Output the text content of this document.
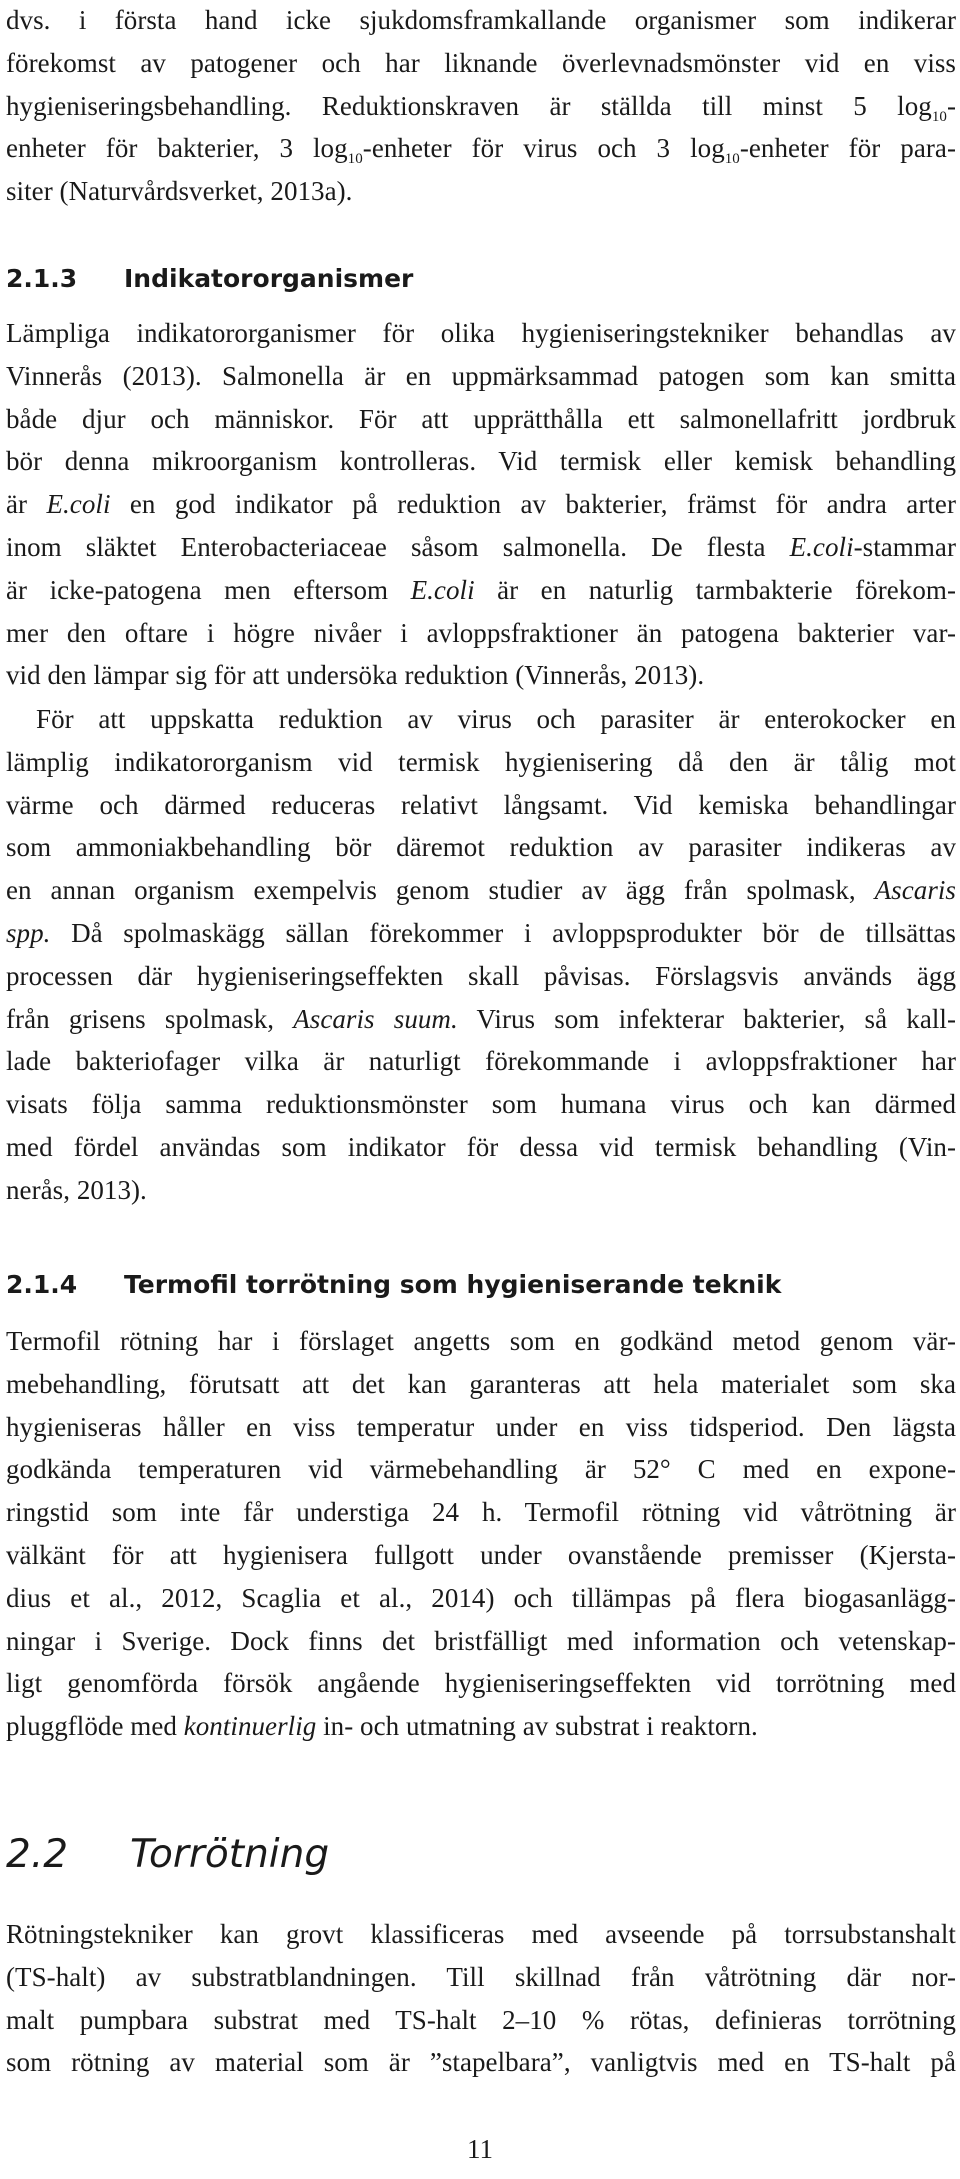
dvs. i första hand icke sjukdomsframkallande organismer som indikerar
förekomst av patogener och har liknande överlevnadsmönster vid en viss
hygieniseringsbehandling. Reduktionskraven är ställda till minst 5 $\log_{10}-$
enheter för bakterier, 3 $\log_{10}$-enheter för virus och 3 $\log_{10}$-enheter för para-
siter (Naturvårdsverket, 2013a).

2.1.3	Indikatororganismer

Lämpliga indikatororganismer för olika hygieniseringstekniker behandlas av
Vinnerås (2013). Salmonella är en uppmärksammad patogen som kan smitta
både djur och människor. För att upprätthålla ett salmonellafritt jordbruk
bör denna mikroorganism kontrolleras. Vid termisk eller kemisk behandling
är E.coli en god indikator på reduktion av bakterier, främst för andra arter
inom släktet Enterobacteriaceae såsom salmonella. De flesta E.coli-stammar
är icke-patogena men eftersom E.coli är en naturlig tarmbakterie förekom-
mer den oftare i högre nivåer i avloppsfraktioner än patogena bakterier var-
vid den lämpar sig för att undersöka reduktion (Vinnerås, 2013).

För att uppskatta reduktion av virus och parasiter är enterokocker en
lämplig indikatororganism vid termisk hygienisering då den är tålig mot
värme och därmed reduceras relativt långsamt. Vid kemiska behandlingar
som ammoniakbehandling bör däremot reduktion av parasiter indikeras av
en annan organism exempelvis genom studier av ägg från spolmask, Ascaris
spp. Då spolmaskägg sällan förekommer i avloppsprodukter bör de tillsättas
processen där hygieniseringseffekten skall påvisas. Förslagsvis används ägg
från grisens spolmask, Ascaris suum. Virus som infekterar bakterier, så kall-
lade bakteriofager vilka är naturligt förekommande i avloppsfraktioner har
visats följa samma reduktionsmönster som humana virus och kan därmed
med fördel användas som indikator för dessa vid termisk behandling (Vin-
nerås, 2013).

2.1.4	Termofil torrötning som hygieniserande teknik

Termofil rötning har i förslaget angetts som en godkänd metod genom vär-
mebehandling, förutsatt att det kan garanteras att hela materialet som ska
hygieniseras håller en viss temperatur under en viss tidsperiod. Den lägsta
godkända temperaturen vid värmebehandling är 52° C med en expone-
ringstid som inte får understiga 24 h. Termofil rötning vid våtrötning är
välkänt för att hygienisera fullgott under ovanstående premisser (Kjersta-
dius et al., 2012, Scaglia et al., 2014) och tillämpas på flera biogasanlägg-
ningar i Sverige. Dock finns det bristfälligt med information och vetenskap-
ligt genomförda försök angående hygieniseringseffekten vid torrötning med
pluggflöde med kontinuerlig in- och utmatning av substrat i reaktorn.

2.2	Torrötning

Rötningstekniker kan grovt klassificeras med avseende på torrsubstanshalt
(TS-halt) av substratblandningen. Till skillnad från våtrötning där nor-
malt pumpbara substrat med TS-halt 2–10 % rötas, definieras torrötning
som rötning av material som är ”stapelbara”, vanligtvis med en TS-halt på

11
